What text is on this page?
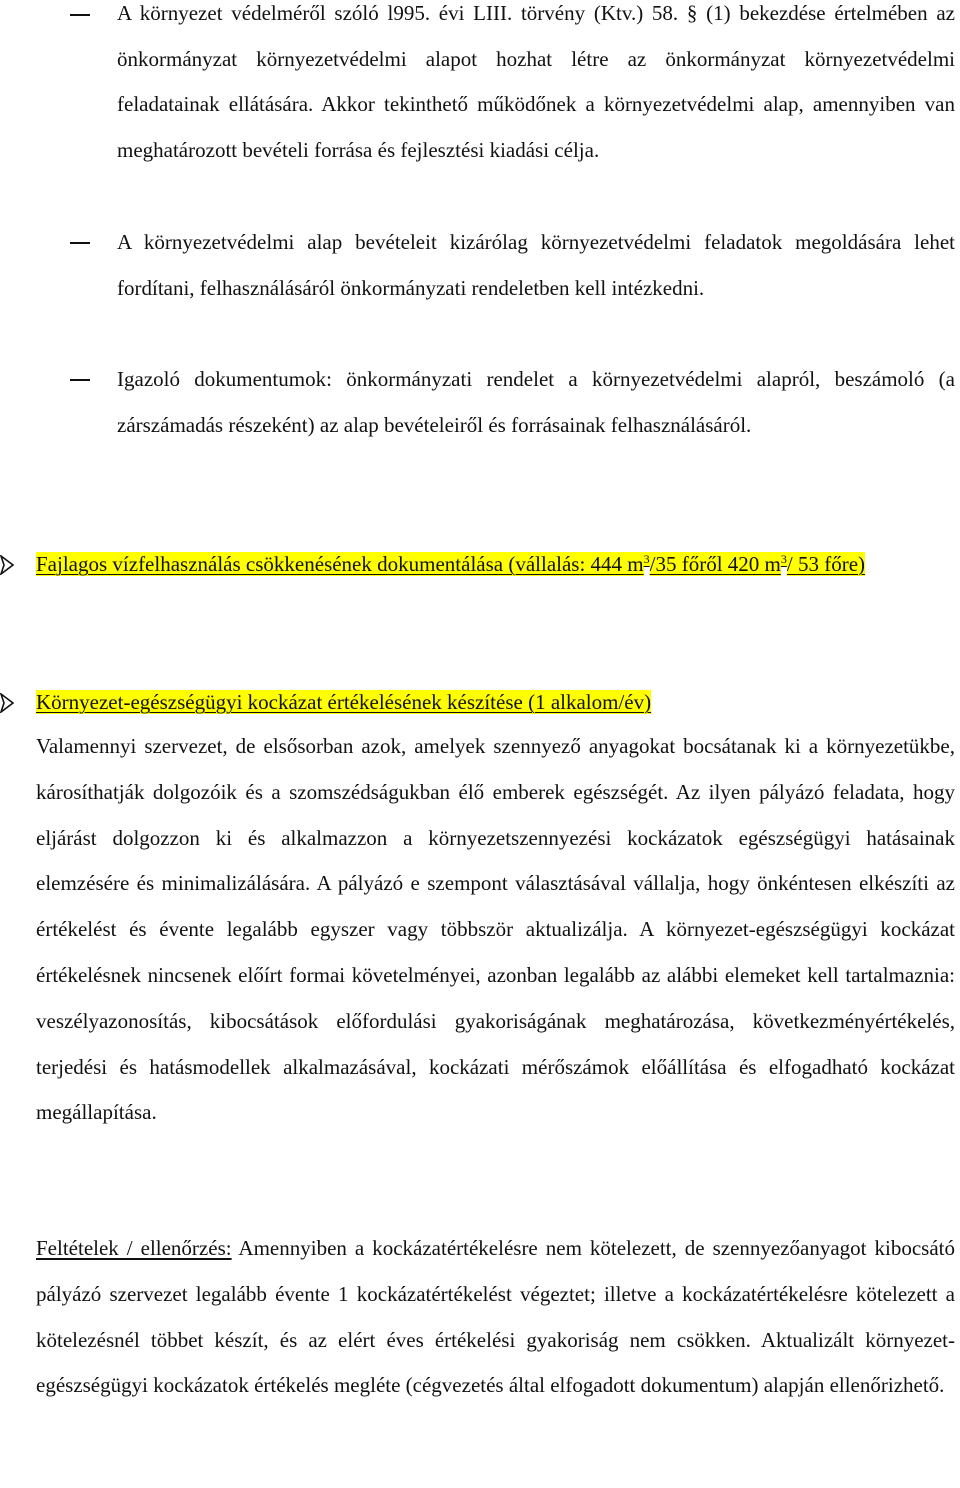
A környezet védelméről szóló l995. évi LIII. törvény (Ktv.) 58. § (1) bekezdése értelmében az önkormányzat környezetvédelmi alapot hozhat létre az önkormányzat környezetvédelmi feladatainak ellátására. Akkor tekinthető működőnek a környezetvédelmi alap, amennyiben van meghatározott bevételi forrása és fejlesztési kiadási célja.
A környezetvédelmi alap bevételeit kizárólag környezetvédelmi feladatok megoldására lehet fordítani, felhasználásáról önkormányzati rendeletben kell intézkedni.
Igazoló dokumentumok: önkormányzati rendelet a környezetvédelmi alapról, beszámoló (a zárszámadás részeként) az alap bevételeiről és forrásainak felhasználásáról.
Fajlagos vízfelhasználás csökkenésének dokumentálása (vállalás: 444 $m^3/35$ főről 420 $m^3/$ 53 főre)
Környezet-egészségügyi kockázat értékelésének készítése (1 alkalom/év)
Valamennyi szervezet, de elsősorban azok, amelyek szennyező anyagokat bocsátanak ki a környezetükbe, károsíthatják dolgozóik és a szomszédságukban élő emberek egészségét. Az ilyen pályázó feladata, hogy eljárást dolgozzon ki és alkalmazzon a környezetszennyezési kockázatok egészségügyi hatásainak elemzésére és minimalizálására. A pályázó e szempont választásával vállalja, hogy önkéntesen elkészíti az értékelést és évente legalább egyszer vagy többször aktualizálja. A környezet-egészségügyi kockázat értékelésnek nincsenek előírt formai követelményei, azonban legalább az alábbi elemeket kell tartalmaznia: veszélyazonosítás, kibocsátások előfordulási gyakoriságának meghatározása, következményértékelés, terjedési és hatásmodellek alkalmazásával, kockázati mérőszámok előállítása és elfogadható kockázat megállapítása.
Feltételek / ellenőrzés: Amennyiben a kockázatértékelésre nem kötelezett, de szennyezőanyagot kibocsátó pályázó szervezet legalább évente 1 kockázatértékelést végeztet; illetve a kockázatértékelésre kötelezett a kötelezésnél többet készít, és az elért éves értékelési gyakoriság nem csökken. Aktualizált környezet-egészségügyi kockázatok értékelés megléte (cégvezetés által elfogadott dokumentum) alapján ellenőrizhető.
